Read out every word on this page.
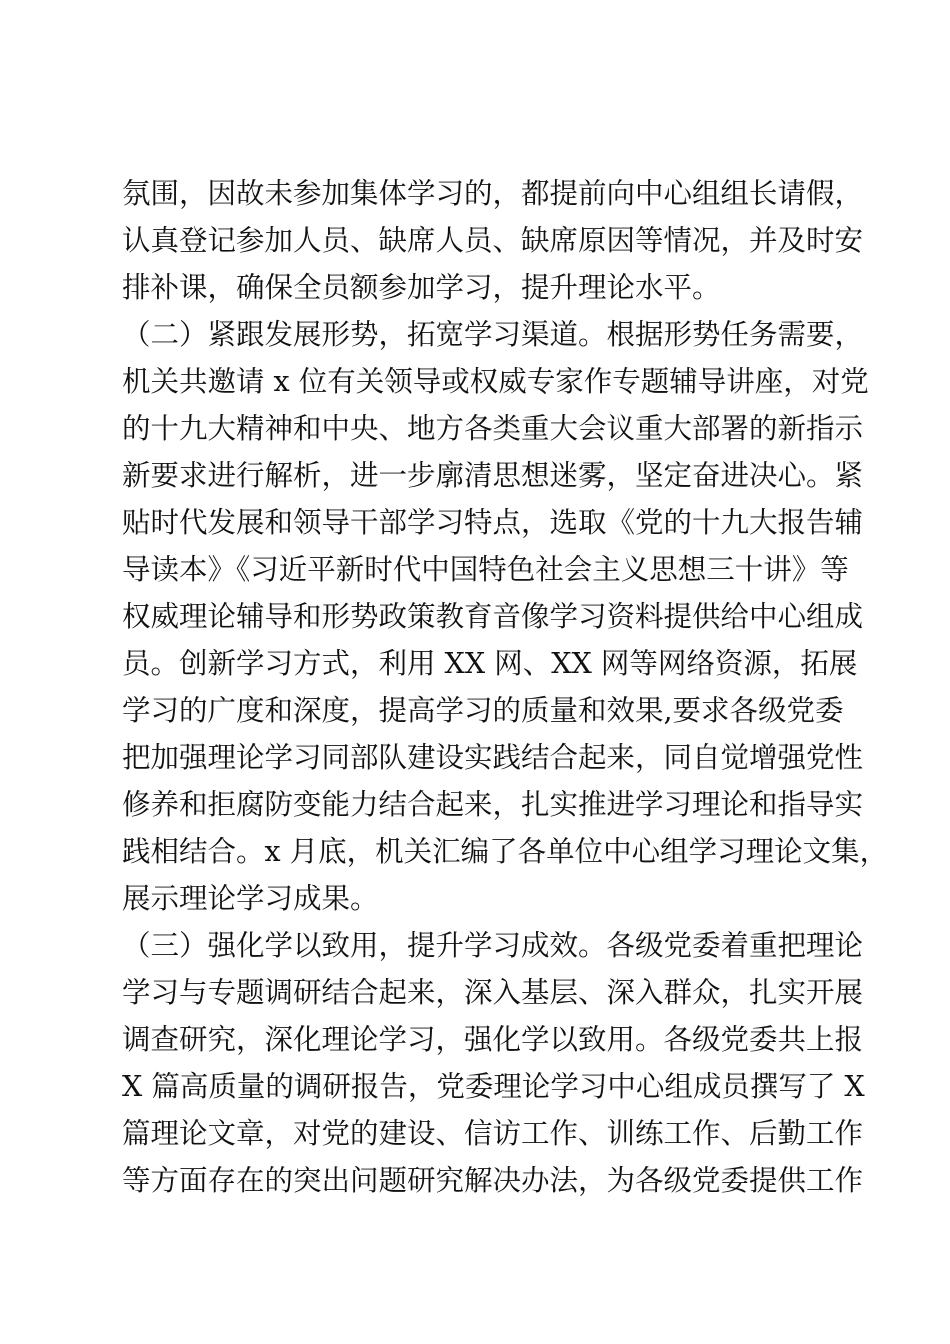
氛围，因故未参加集体学习的，都提前向中心组组长请假，
认真登记参加人员、缺席人员、缺席原因等情况，并及时安
排补课，确保全员额参加学习，提升理论水平。
（二）紧跟发展形势，拓宽学习渠道。根据形势任务需要，
机关共邀请 x 位有关领导或权威专家作专题辅导讲座，对党
的十九大精神和中央、地方各类重大会议重大部署的新指示
新要求进行解析，进一步廓清思想迷雾，坚定奋进决心。紧
贴时代发展和领导干部学习特点，选取《党的十九大报告辅
导读本》《习近平新时代中国特色社会主义思想三十讲》等
权威理论辅导和形势政策教育音像学习资料提供给中心组成
员。创新学习方式，利用 XX 网、XX 网等网络资源，拓展
学习的广度和深度，提高学习的质量和效果,要求各级党委
把加强理论学习同部队建设实践结合起来，同自觉增强党性
修养和拒腐防变能力结合起来，扎实推进学习理论和指导实
践相结合。x 月底，机关汇编了各单位中心组学习理论文集，
展示理论学习成果。
（三）强化学以致用，提升学习成效。各级党委着重把理论
学习与专题调研结合起来，深入基层、深入群众，扎实开展
调查研究，深化理论学习，强化学以致用。各级党委共上报
X 篇高质量的调研报告，党委理论学习中心组成员撰写了 X
篇理论文章，对党的建设、信访工作、训练工作、后勤工作
等方面存在的突出问题研究解决办法，为各级党委提供工作
